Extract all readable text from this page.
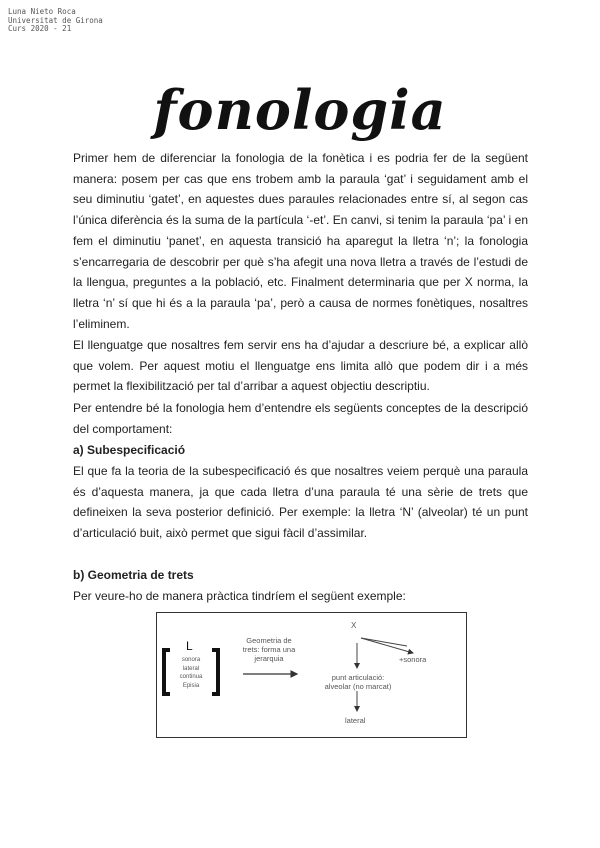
Luna Nieto Roca
Universitat de Girona
Curs 2020 - 21
fonologia

Primer hem de diferenciar la fonologia de la fonètica i es podria fer de la següent manera: posem per cas que ens trobem amb la paraula ‘gat’ i seguidament amb el seu diminutiu ‘gatet’, en aquestes dues paraules relacionades entre sí, al segon cas l’única diferència és la suma de la partícula ‘-et’. En canvi, si tenim la paraula ‘pa’ i en fem el diminutiu ‘panet’, en aquesta transició ha aparegut la lletra ‘n’; la fonologia s’encarregaria de descobrir per què s’ha afegit una nova lletra a través de l’estudi de la llengua, preguntes a la població, etc. Finalment determinaria que per X norma, la lletra ‘n’ sí que hi és a la paraula ‘pa’, però a causa de normes fonètiques, nosaltres l’eliminem.

El llenguatge que nosaltres fem servir ens ha d’ajudar a descriure bé, a explicar allò que volem. Per aquest motiu el llenguatge ens limita allò que podem dir i a més permet la flexibilització per tal d’arribar a aquest objectiu descriptiu.

Per entendre bé la fonologia hem d’entendre els següents conceptes de la descripció del comportament:

a) Subespecificació

El que fa la teoria de la subespecificació és que nosaltres veiem perquè una paraula és d’aquesta manera, ja que cada lletra d’una paraula té una sèrie de trets que defineixen la seva posterior definició. Per exemple: la lletra ‘N’ (alveolar) té un punt d’articulació buit, això permet que sigui fàcil d’assimilar.

b) Geometria de trets

Per veure-ho de manera pràctica tindríem el següent exemple:

L
sonora
lateral
continua
Episia
Geometria de
trets: forma una
jerarquia
X
+sonora
punt articulació:
alveolar (no marcat)
lateral
